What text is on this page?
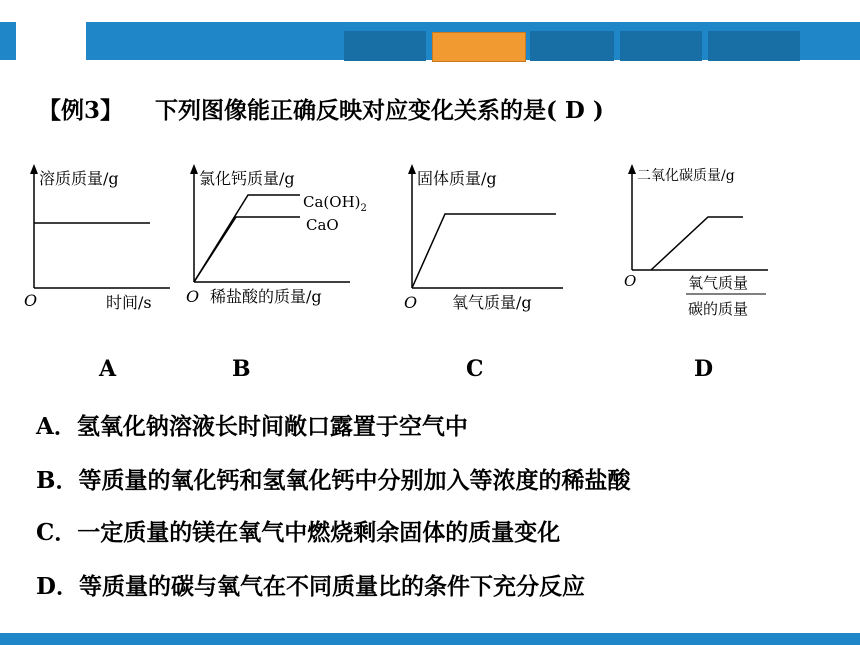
【例3】 下列图像能正确反映对应变化关系的是( D )
溶质质量/g
O	时间/s
氯化钙质量/g
$Ca(OH)_2$
CaO
O 稀盐酸的质量/g
固体质量/g
O 氧气质量/g
二氧化碳质量/g
O	氧气质量
碳的质量
A	B	C	D
A．氢氧化钠溶液长时间敞口露置于空气中
B．等质量的氧化钙和氢氧化钙中分别加入等浓度的稀盐酸
C．一定质量的镁在氧气中燃烧剩余固体的质量变化
D．等质量的碳与氧气在不同质量比的条件下充分反应
